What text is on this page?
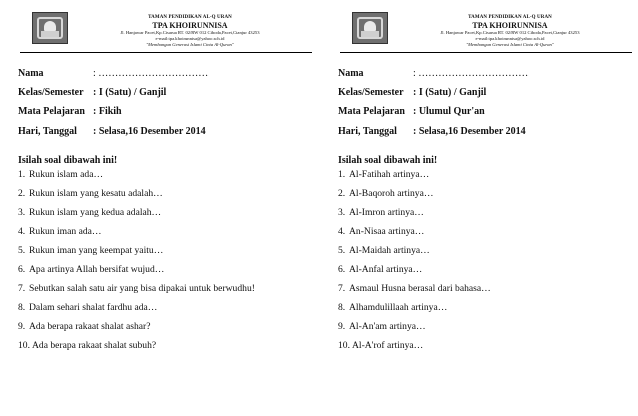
TAMAN PENDIDIKAN AL-Q URAN
TPA KHOIRUNNISA
Jl. Hanjawar Pacet,Kp.Cisarua RT. 02/RW 012 Ciboda,Pacet,Cianjur 43253
e-mail:tpa.khoirunnisa@yahoo.sch.id
"Membangun Generasi Islami Cinta Al-Quran"
Nama	: ……………………………
Kelas/Semester : I (Satu) / Ganjil
Mata Pelajaran : Fikih
Hari, Tanggal : Selasa,16 Desember 2014
Isilah soal dibawah ini!
1. Rukun islam ada…
2. Rukun islam yang kesatu adalah…
3. Rukun islam yang kedua adalah…
4. Rukun iman ada…
5. Rukun iman yang keempat yaitu…
6. Apa artinya Allah bersifat wujud…
7. Sebutkan salah satu air yang bisa dipakai untuk berwudhu!
8. Dalam sehari shalat fardhu ada…
9. Ada berapa rakaat shalat ashar?
10. Ada berapa rakaat shalat subuh?
TAMAN PENDIDIKAN AL-Q URAN
TPA KHOIRUNNISA
Jl. Hanjawar Pacet,Kp.Cisarua RT. 02/RW 012 Ciboda,Pacet,Cianjur 43253
e-mail:tpa.khoirunnisa@yahoo.sch.id
"Membangun Generasi Islami Cinta Al-Quran"
Nama	: ……………………………
Kelas/Semester : I (Satu) / Ganjil
Mata Pelajaran : Ulumul Qur'an
Hari, Tanggal : Selasa,16 Desember 2014
Isilah soal dibawah ini!
1. Al-Fatihah artinya…
2. Al-Baqoroh artinya…
3. Al-Imron artinya…
4. An-Nisaa artinya…
5. Al-Maidah artinya…
6. Al-Anfal artinya…
7. Asmaul Husna berasal dari bahasa…
8. Alhamdulillaah artinya…
9. Al-An'am artinya…
10. Al-A'rof artinya…
